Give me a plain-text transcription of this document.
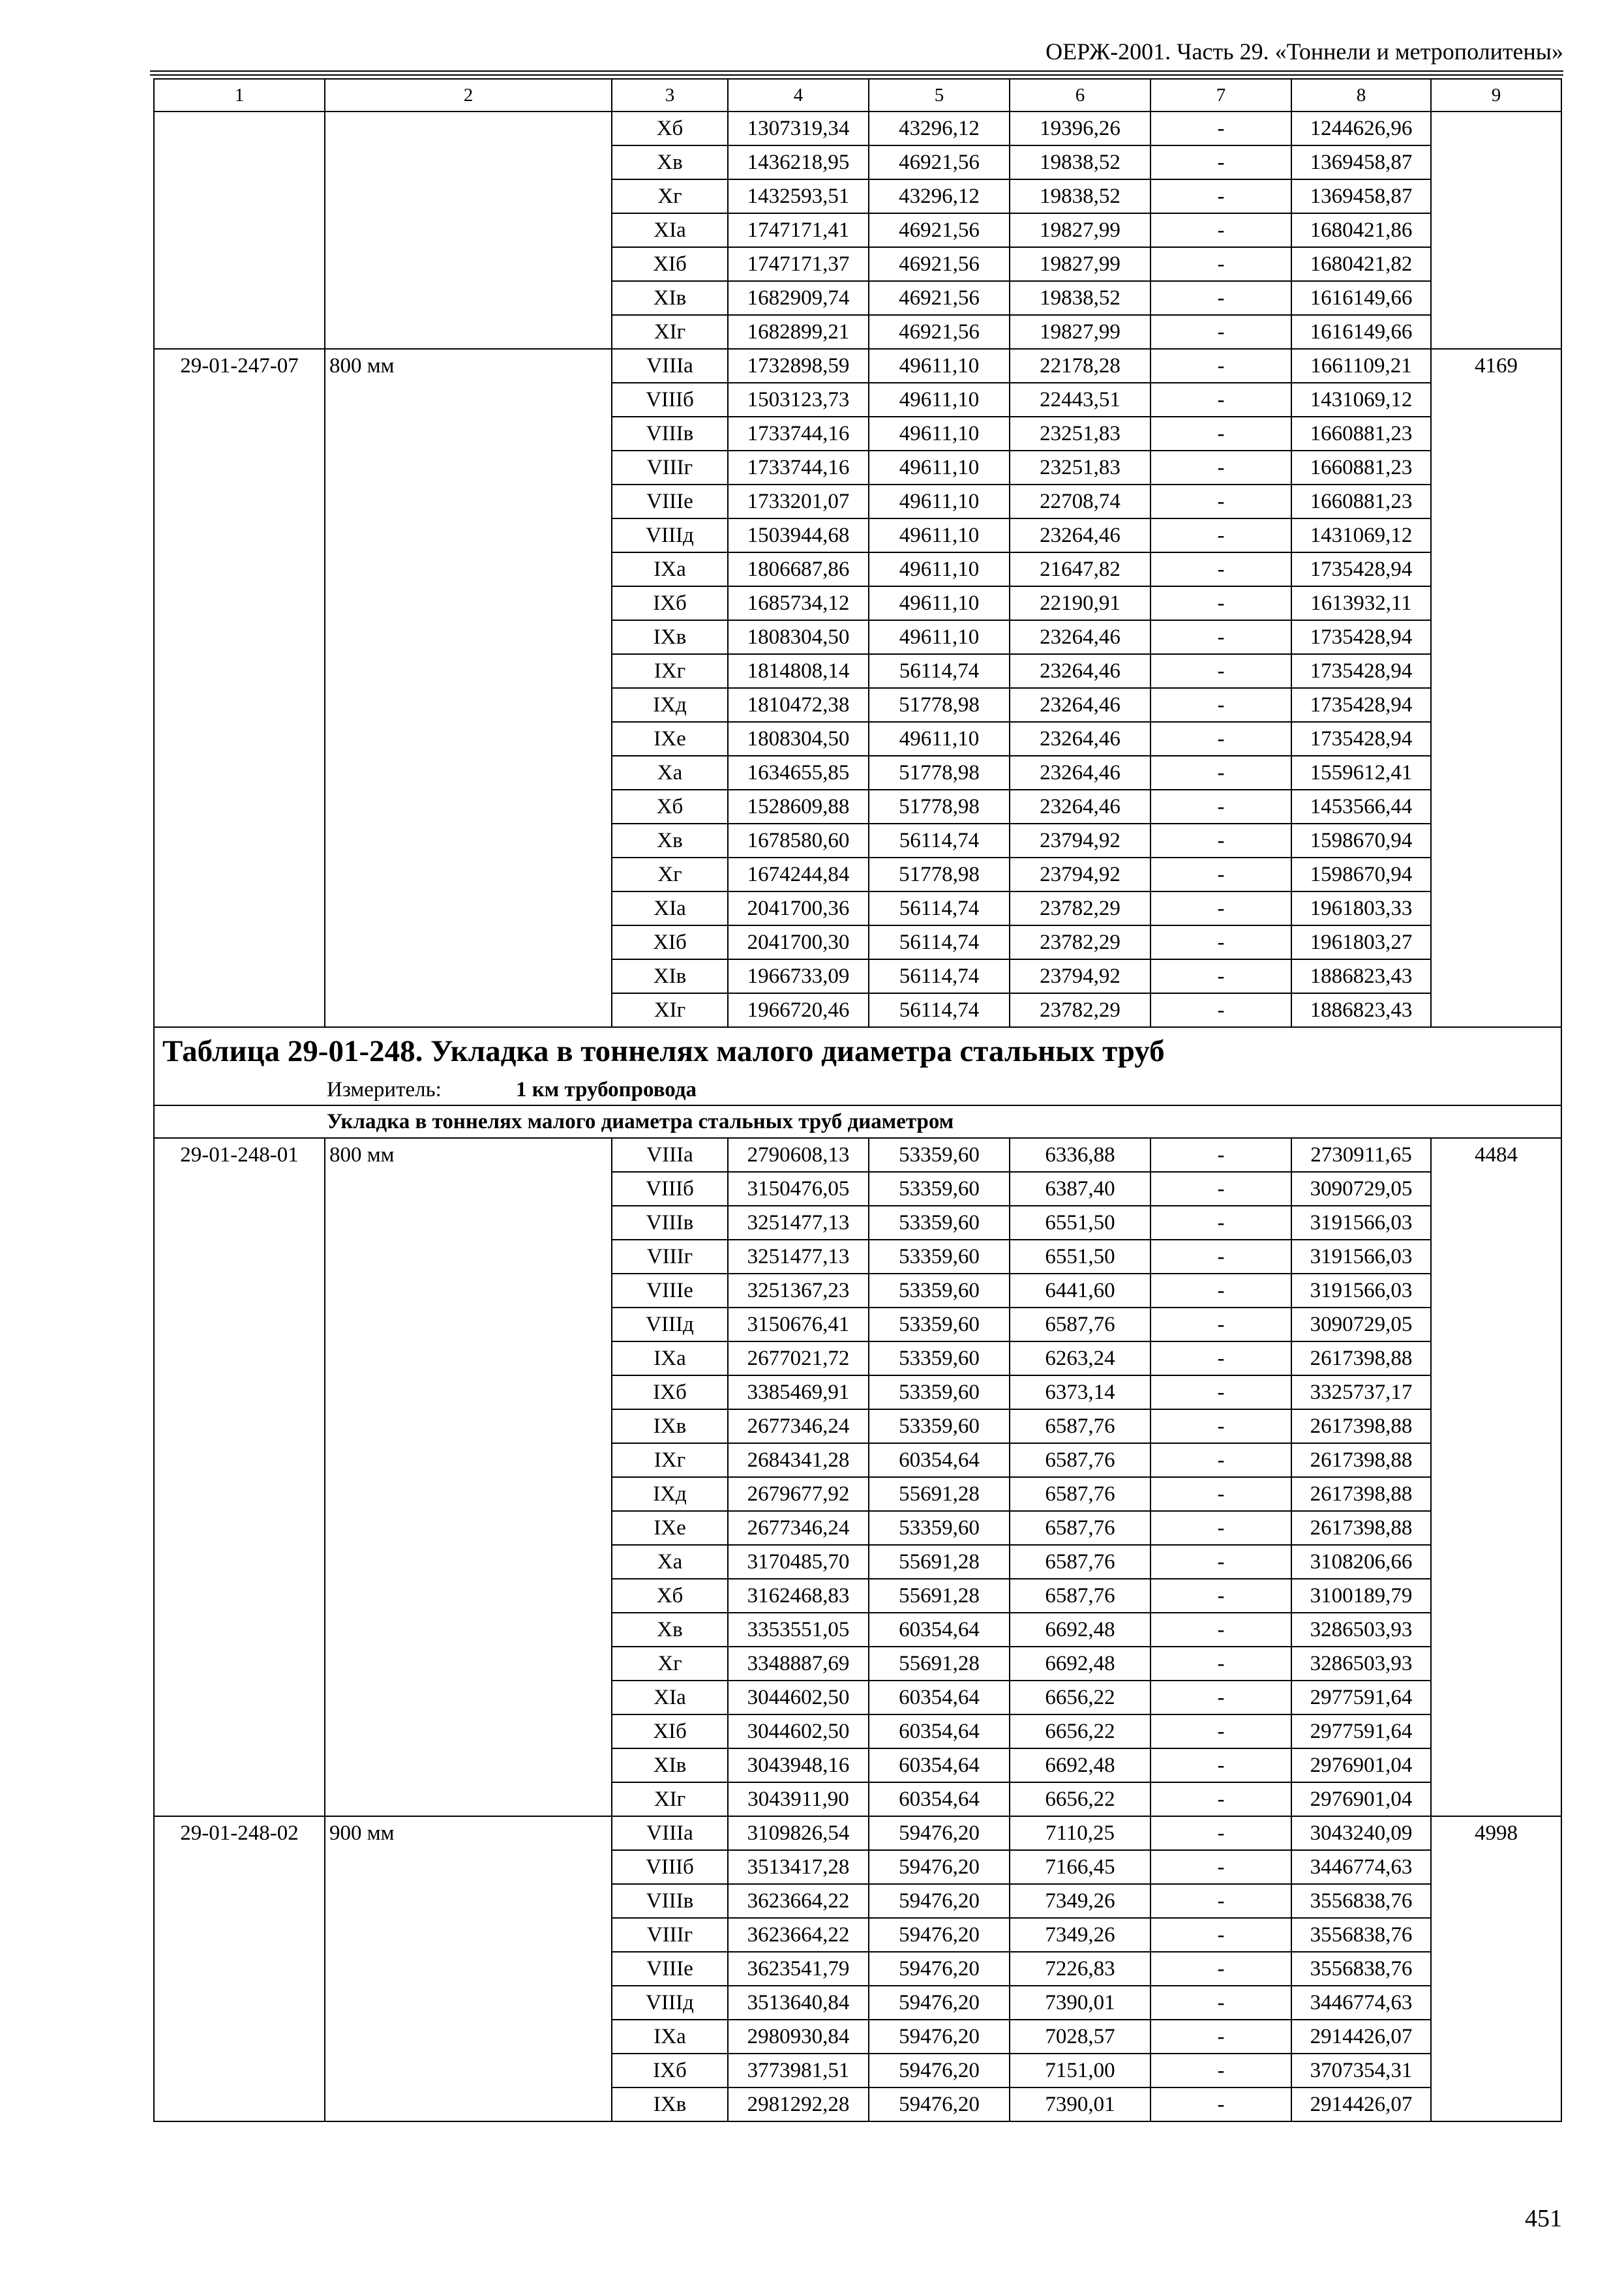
ОЕРЖ-2001. Часть 29. «Тоннели и метрополитены»
1	2	3	4	5	6	7	8	9
		Xб	1307319,34	43296,12	19396,26	-	1244626,96	
		Xв	1436218,95	46921,56	19838,52	-	1369458,87	
		Xг	1432593,51	43296,12	19838,52	-	1369458,87	
		XIа	1747171,41	46921,56	19827,99	-	1680421,86	
		XIб	1747171,37	46921,56	19827,99	-	1680421,82	
		XIв	1682909,74	46921,56	19838,52	-	1616149,66	
		XIг	1682899,21	46921,56	19827,99	-	1616149,66	
29-01-247-07	800 мм	VIIIа	1732898,59	49611,10	22178,28	-	1661109,21	4169
		VIIIб	1503123,73	49611,10	22443,51	-	1431069,12	
		VIIIв	1733744,16	49611,10	23251,83	-	1660881,23	
		VIIIг	1733744,16	49611,10	23251,83	-	1660881,23	
		VIIIе	1733201,07	49611,10	22708,74	-	1660881,23	
		VIIIд	1503944,68	49611,10	23264,46	-	1431069,12	
		IXа	1806687,86	49611,10	21647,82	-	1735428,94	
		IXб	1685734,12	49611,10	22190,91	-	1613932,11	
		IXв	1808304,50	49611,10	23264,46	-	1735428,94	
		IXг	1814808,14	56114,74	23264,46	-	1735428,94	
		IXд	1810472,38	51778,98	23264,46	-	1735428,94	
		IXе	1808304,50	49611,10	23264,46	-	1735428,94	
		Xа	1634655,85	51778,98	23264,46	-	1559612,41	
		Xб	1528609,88	51778,98	23264,46	-	1453566,44	
		Xв	1678580,60	56114,74	23794,92	-	1598670,94	
		Xг	1674244,84	51778,98	23794,92	-	1598670,94	
		XIа	2041700,36	56114,74	23782,29	-	1961803,33	
		XIб	2041700,30	56114,74	23782,29	-	1961803,27	
		XIв	1966733,09	56114,74	23794,92	-	1886823,43	
		XIг	1966720,46	56114,74	23782,29	-	1886823,43	
Таблица 29-01-248. Укладка в тоннелях малого диаметра стальных труб								
Измеритель: 1 км трубопровода								
Укладка в тоннелях малого диаметра стальных труб диаметром								
29-01-248-01	800 мм	VIIIа	2790608,13	53359,60	6336,88	-	2730911,65	4484
		VIIIб	3150476,05	53359,60	6387,40	-	3090729,05	
		VIIIв	3251477,13	53359,60	6551,50	-	3191566,03	
		VIIIг	3251477,13	53359,60	6551,50	-	3191566,03	
		VIIIе	3251367,23	53359,60	6441,60	-	3191566,03	
		VIIIд	3150676,41	53359,60	6587,76	-	3090729,05	
		IXа	2677021,72	53359,60	6263,24	-	2617398,88	
		IXб	3385469,91	53359,60	6373,14	-	3325737,17	
		IXв	2677346,24	53359,60	6587,76	-	2617398,88	
		IXг	2684341,28	60354,64	6587,76	-	2617398,88	
		IXд	2679677,92	55691,28	6587,76	-	2617398,88	
		IXе	2677346,24	53359,60	6587,76	-	2617398,88	
		Xа	3170485,70	55691,28	6587,76	-	3108206,66	
		Xб	3162468,83	55691,28	6587,76	-	3100189,79	
		Xв	3353551,05	60354,64	6692,48	-	3286503,93	
		Xг	3348887,69	55691,28	6692,48	-	3286503,93	
		XIа	3044602,50	60354,64	6656,22	-	2977591,64	
		XIб	3044602,50	60354,64	6656,22	-	2977591,64	
		XIв	3043948,16	60354,64	6692,48	-	2976901,04	
		XIг	3043911,90	60354,64	6656,22	-	2976901,04	
29-01-248-02	900 мм	VIIIа	3109826,54	59476,20	7110,25	-	3043240,09	4998
		VIIIб	3513417,28	59476,20	7166,45	-	3446774,63	
		VIIIв	3623664,22	59476,20	7349,26	-	3556838,76	
		VIIIг	3623664,22	59476,20	7349,26	-	3556838,76	
		VIIIе	3623541,79	59476,20	7226,83	-	3556838,76	
		VIIIд	3513640,84	59476,20	7390,01	-	3446774,63	
		IXа	2980930,84	59476,20	7028,57	-	2914426,07	
		IXб	3773981,51	59476,20	7151,00	-	3707354,31	
		IXв	2981292,28	59476,20	7390,01	-	2914426,07	
451
